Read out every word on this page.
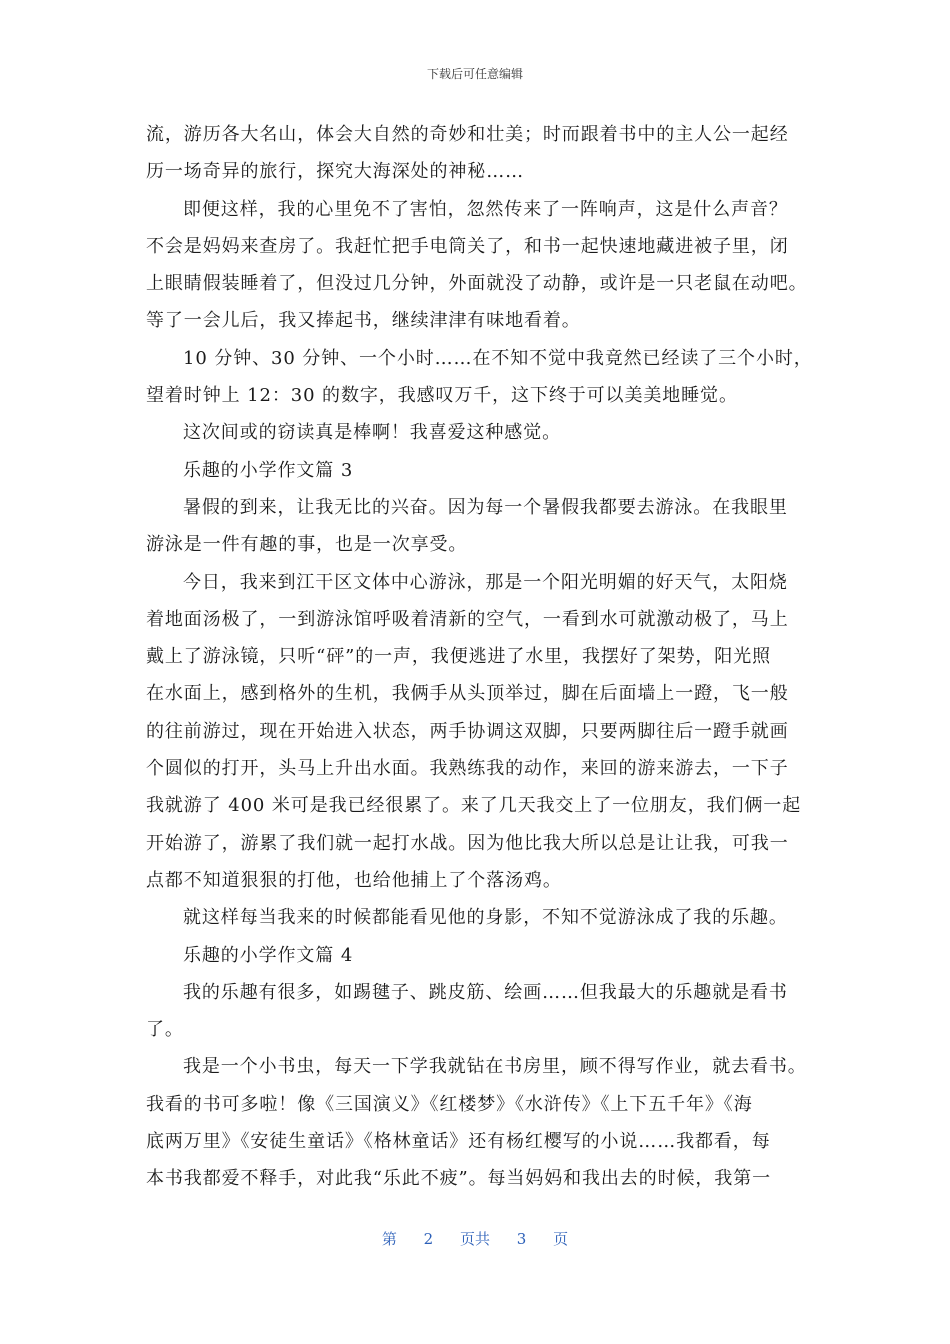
下载后可任意编辑
流，游历各大名山，体会大自然的奇妙和壮美；时而跟着书中的主人公一起经
历一场奇异的旅行，探究大海深处的神秘……
即便这样，我的心里免不了害怕，忽然传来了一阵响声，这是什么声音？
不会是妈妈来查房了。我赶忙把手电筒关了，和书一起快速地藏进被子里，闭
上眼睛假装睡着了，但没过几分钟，外面就没了动静，或许是一只老鼠在动吧。
等了一会儿后，我又捧起书，继续津津有味地看着。
10 分钟、30 分钟、一个小时……在不知不觉中我竟然已经读了三个小时，
望着时钟上 12：30 的数字，我感叹万千，这下终于可以美美地睡觉。
这次间或的窃读真是棒啊！我喜爱这种感觉。
乐趣的小学作文篇 3
暑假的到来，让我无比的兴奋。因为每一个暑假我都要去游泳。在我眼里
游泳是一件有趣的事，也是一次享受。
今日，我来到江干区文体中心游泳，那是一个阳光明媚的好天气，太阳烧
着地面汤极了，一到游泳馆呼吸着清新的空气，一看到水可就激动极了，马上
戴上了游泳镜，只听“砰”的一声，我便逃进了水里，我摆好了架势，阳光照
在水面上，感到格外的生机，我俩手从头顶举过，脚在后面墙上一蹬，飞一般
的往前游过，现在开始进入状态，两手协调这双脚，只要两脚往后一蹬手就画
个圆似的打开，头马上升出水面。我熟练我的动作，来回的游来游去，一下子
我就游了 400 米可是我已经很累了。来了几天我交上了一位朋友，我们俩一起
开始游了，游累了我们就一起打水战。因为他比我大所以总是让让我，可我一
点都不知道狠狠的打他，也给他捕上了个落汤鸡。
就这样每当我来的时候都能看见他的身影，不知不觉游泳成了我的乐趣。
乐趣的小学作文篇 4
我的乐趣有很多，如踢毽子、跳皮筋、绘画……但我最大的乐趣就是看书
了。
我是一个小书虫，每天一下学我就钻在书房里，顾不得写作业，就去看书。
我看的书可多啦！像《三国演义》《红楼梦》《水浒传》《上下五千年》《海
底两万里》《安徒生童话》《格林童话》还有杨红樱写的小说……我都看，每
本书我都爱不释手，对此我“乐此不疲”。每当妈妈和我出去的时候，我第一
第 2 页共 3 页
